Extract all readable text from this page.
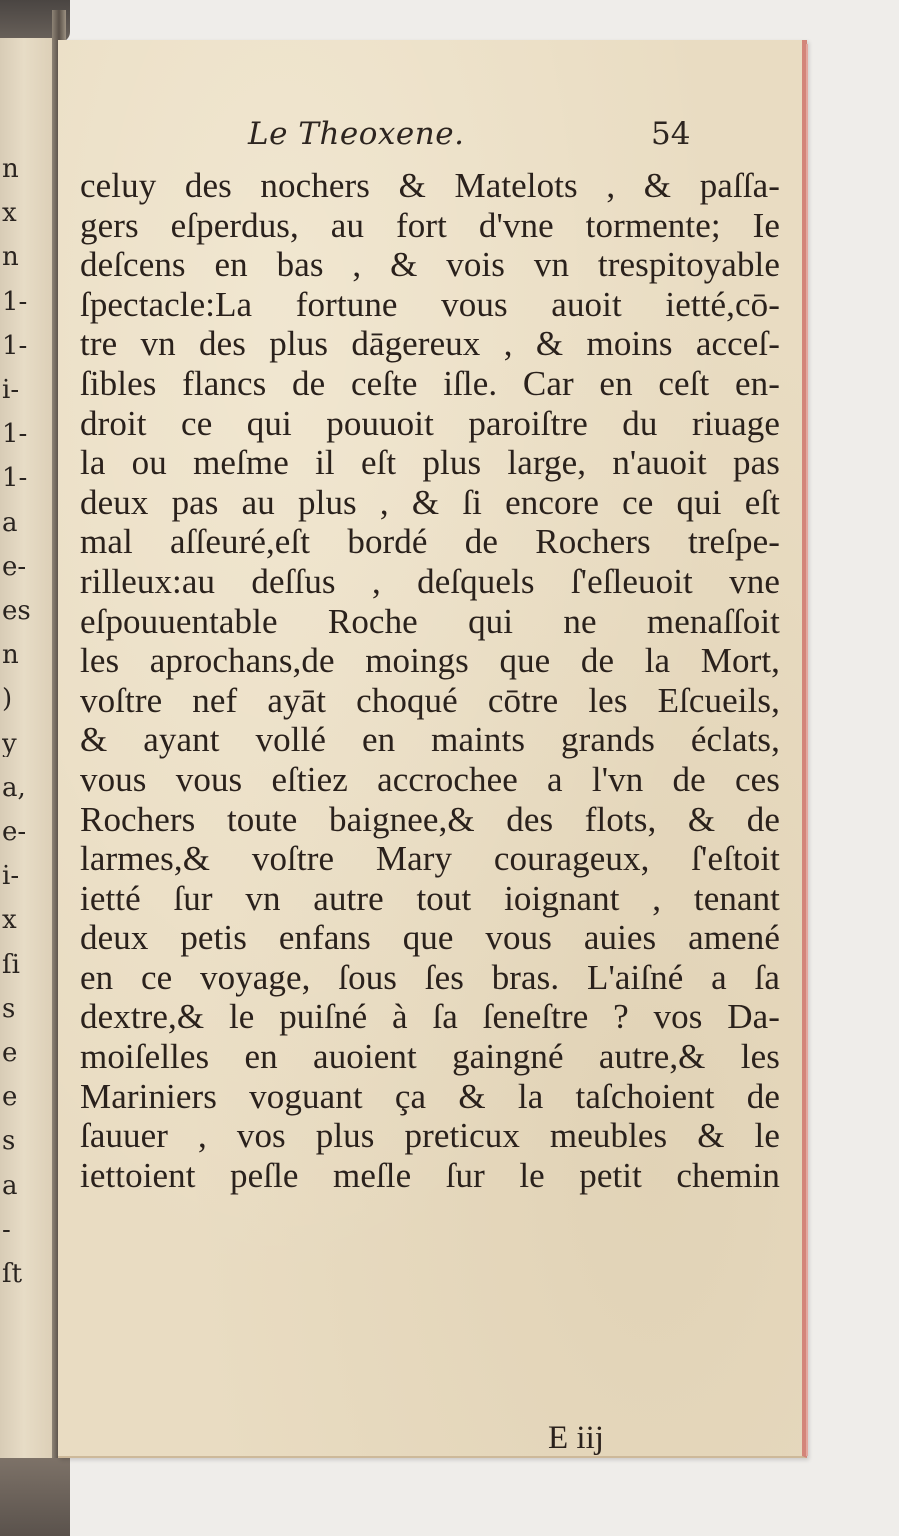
n
x
n
1-
1-
i-
1-
1-
a
e-
es
n
)
y
a,
e-
i-
x
ſi
s
e
e
s
a
-
ſt
Le Theoxene.	54
celuy des nochers & Matelots , & paſſa-
gers eſperdus, au fort d'vne tormente; Ie
deſcens en bas , & vois vn trespitoyable
ſpectacle:La fortune vous auoit ietté,cō-
tre vn des plus dāgereux , & moins acceſ-
ſibles flancs de ceſte iſle. Car en ceſt en-
droit ce qui pouuoit paroiſtre du riuage
la ou meſme il eſt plus large, n'auoit pas
deux pas au plus , & ſi encore ce qui eſt
mal aſſeuré,eſt bordé de Rochers treſpe-
rilleux:au deſſus , deſquels ſ'eſleuoit vne
eſpouuentable Roche qui ne menaſſoit
les aprochans,de moings que de la Mort,
voſtre nef ayāt choqué cōtre les Eſcueils,
& ayant vollé en maints grands éclats,
vous vous eſtiez accrochee a l'vn de ces
Rochers toute baignee,& des flots, & de
larmes,& voſtre Mary courageux, ſ'eſtoit
ietté ſur vn autre tout ioignant , tenant
deux petis enfans que vous auies amené
en ce voyage, ſous ſes bras. L'aiſné a ſa
dextre,& le puiſné à ſa ſeneſtre ? vos Da-
moiſelles en auoient gaingné autre,& les
Mariniers voguant ça & la taſchoient de
ſauuer , vos plus preticux meubles & le
iettoient peſle meſle ſur le petit chemin
E iij
